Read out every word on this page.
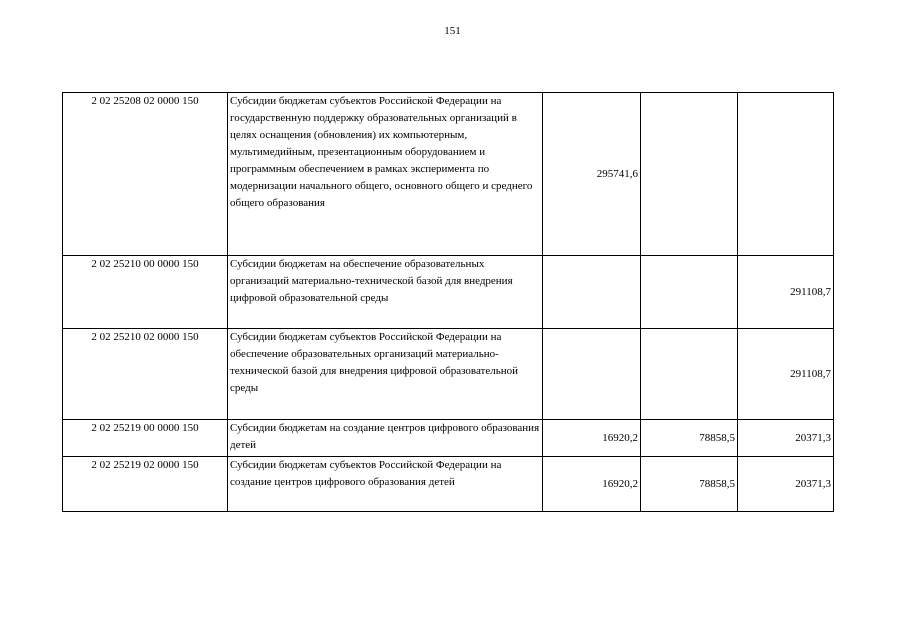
151
2 02 25208 02 0000 150	Субсидии бюджетам субъектов Российской Федерации на государственную поддержку образовательных организаций в целях оснащения (обновления) их компьютерным, мультимедийным, презентационным оборудованием и программным обеспечением в рамках эксперимента по модернизации начального общего, основного общего и среднего общего образования	295741,6		
2 02 25210 00 0000 150	Субсидии бюджетам на обеспечение образовательных организаций материально-технической базой для внедрения цифровой образовательной среды			291108,7
2 02 25210 02 0000 150	Субсидии бюджетам субъектов Российской Федерации на обеспечение образовательных организаций материально-технической базой для внедрения цифровой образовательной среды			291108,7
2 02 25219 00 0000 150	Субсидии бюджетам на создание центров цифрового образования детей	16920,2	78858,5	20371,3
2 02 25219 02 0000 150	Субсидии бюджетам субъектов Российской Федерации на создание центров цифрового образования детей	16920,2	78858,5	20371,3
